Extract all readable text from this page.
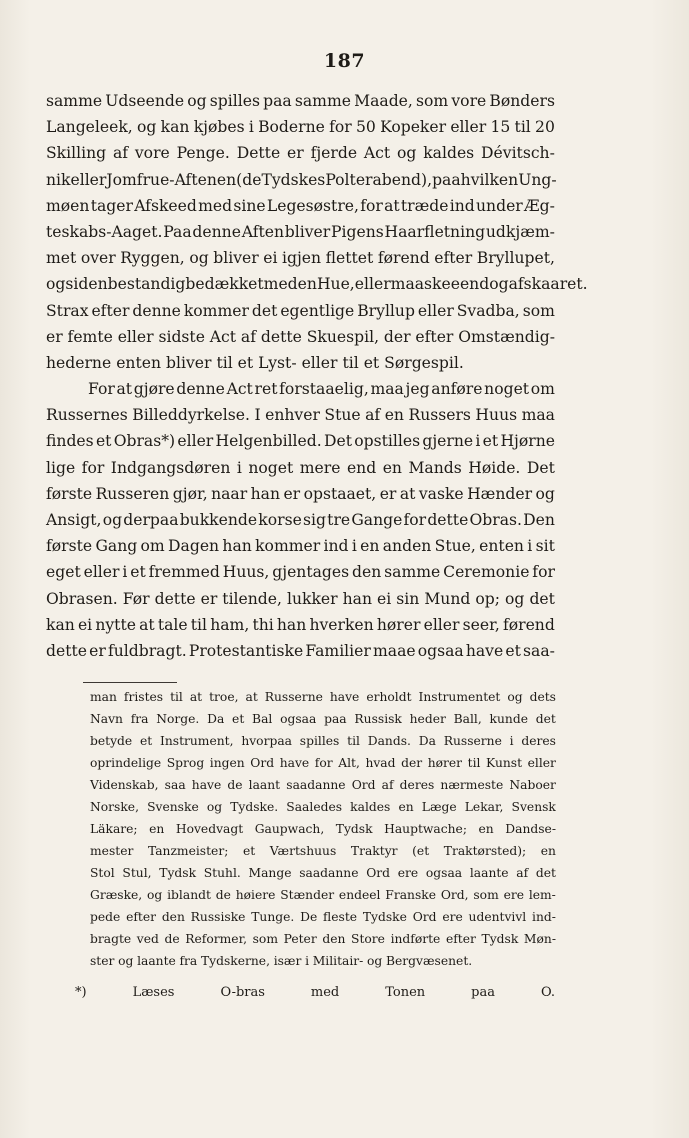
187
samme Udseende og spilles paa samme Maade, som vore Bønders
Langeleek, og kan kjøbes i Boderne for 50 Kopeker eller 15 til 20
Skilling af vore Penge. Dette er fjerde Act og kaldes Dévitsch-
nik eller Jomfrue-Aftenen (de Tydskes Polterabend), paa hvilken Ung-
møen tager Afskeed med sine Legesøstre, for at træde ind under Æg-
teskabs-Aaget. Paa denne Aften bliver Pigens Haarfletning udkjæm-
met over Ryggen, og bliver ei igjen flettet førend efter Bryllupet,
og siden bestandig bedækket med en Hue, eller maaskee endog afskaaret.
Strax efter denne kommer det egentlige Bryllup eller Svadba, som
er femte eller sidste Act af dette Skuespil, der efter Omstændig-
hederne enten bliver til et Lyst- eller til et Sørgespil.
For at gjøre denne Act ret forstaaelig, maa jeg anføre noget om
Russernes Billeddyrkelse. I enhver Stue af en Russers Huus maa
findes et Obras*) eller Helgenbilled. Det opstilles gjerne i et Hjørne
lige for Indgangsdøren i noget mere end en Mands Høide. Det
første Russeren gjør, naar han er opstaaet, er at vaske Hænder og
Ansigt, og derpaa bukkende korse sig tre Gange for dette Obras. Den
første Gang om Dagen han kommer ind i en anden Stue, enten i sit
eget eller i et fremmed Huus, gjentages den samme Ceremonie for
Obrasen. Før dette er tilende, lukker han ei sin Mund op; og det
kan ei nytte at tale til ham, thi han hverken hører eller seer, førend
dette er fuldbragt. Protestantiske Familier maae ogsaa have et saa-
man fristes til at troe, at Russerne have erholdt Instrumentet og dets
Navn fra Norge. Da et Bal ogsaa paa Russisk heder Ball, kunde det
betyde et Instrument, hvorpaa spilles til Dands. Da Russerne i deres
oprindelige Sprog ingen Ord have for Alt, hvad der hører til Kunst eller
Videnskab, saa have de laant saadanne Ord af deres nærmeste Naboer
Norske, Svenske og Tydske. Saaledes kaldes en Læge Lekar, Svensk
Läkare; en Hovedvagt Gaupwach, Tydsk Hauptwache; en Dandse-
mester Tanzmeister; et Værtshuus Traktyr (et Traktørsted); en
Stol Stul, Tydsk Stuhl. Mange saadanne Ord ere ogsaa laante af det
Græske, og iblandt de høiere Stænder endeel Franske Ord, som ere lem-
pede efter den Russiske Tunge. De fleste Tydske Ord ere udentvivl ind-
bragte ved de Reformer, som Peter den Store indførte efter Tydsk Møn-
ster og laante fra Tydskerne, især i Militair- og Bergvæsenet.
*)	Læses	O-bras	med	Tonen	paa	O.
